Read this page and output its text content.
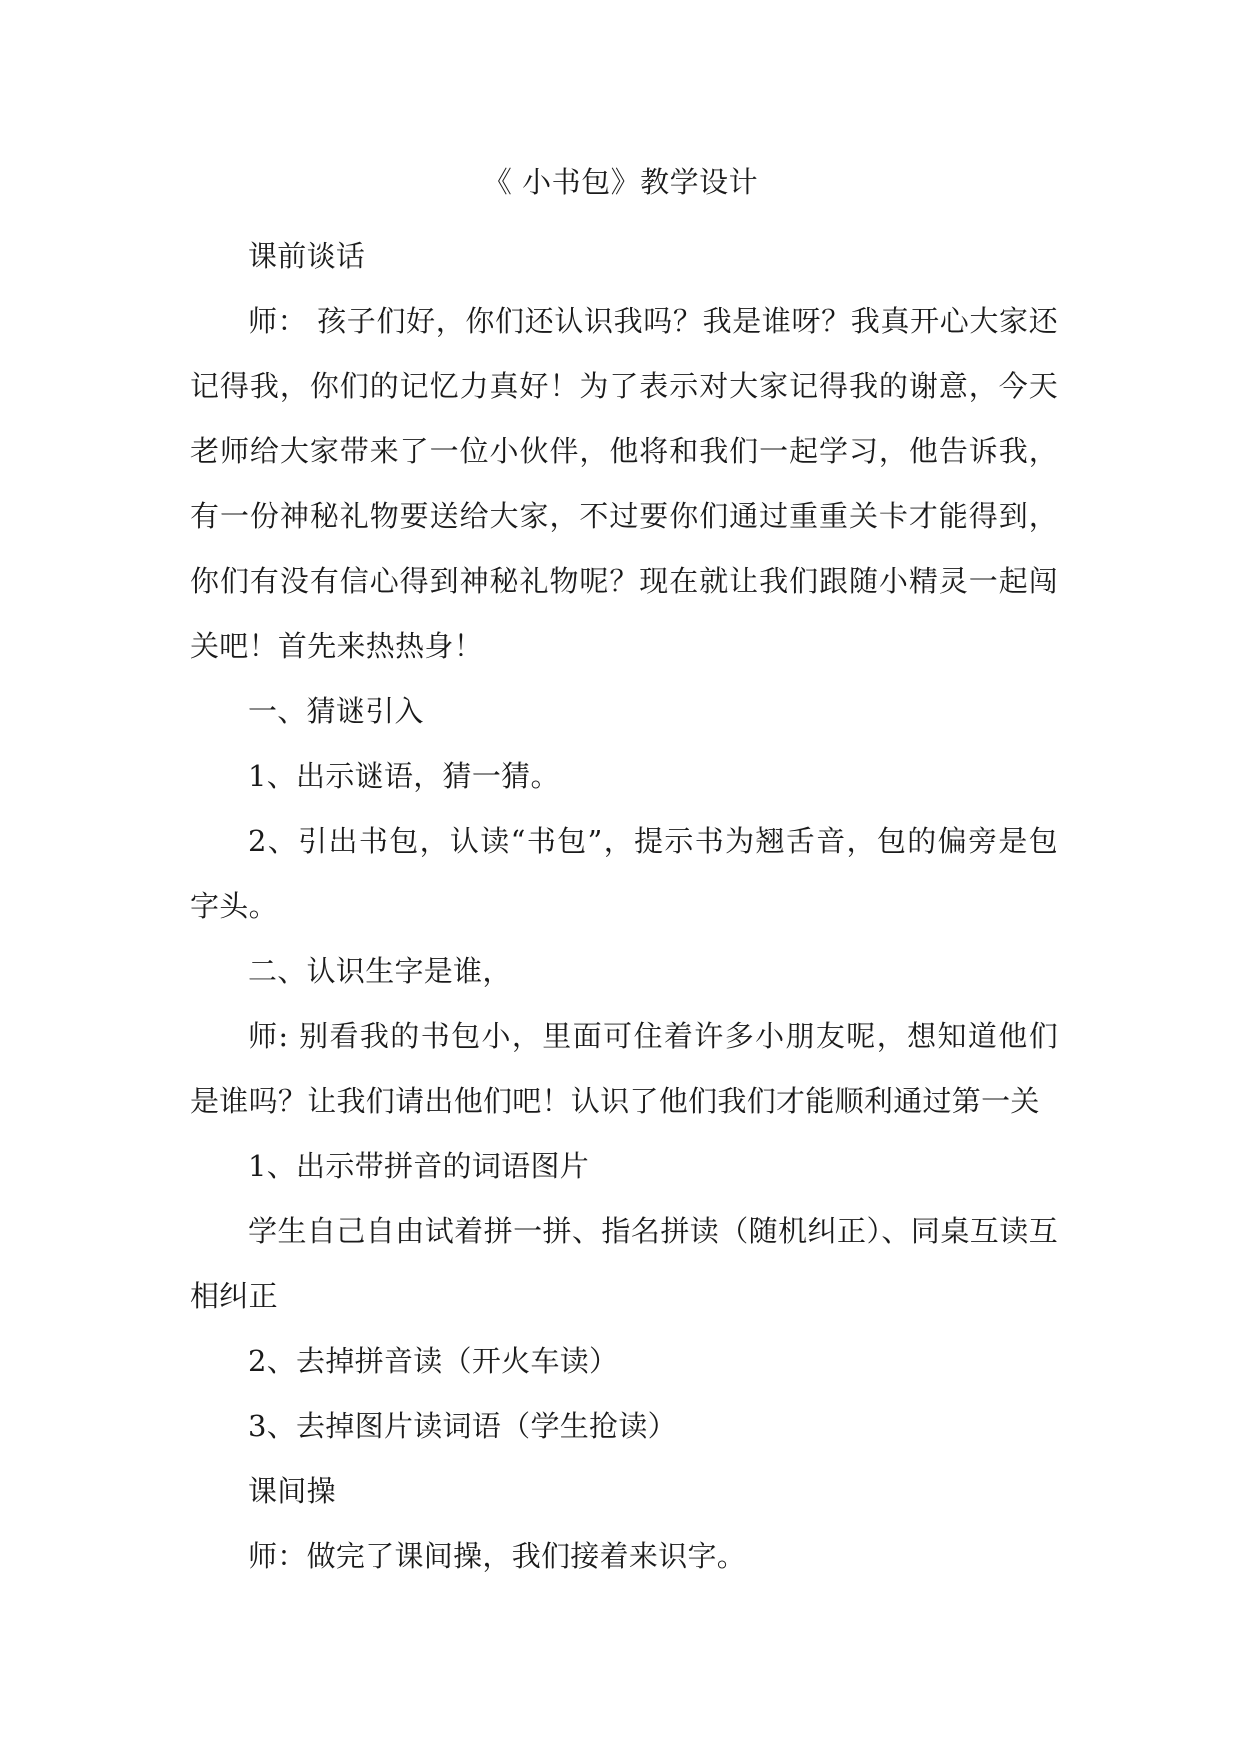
《 小书包》教学设计

课前谈话

师： 孩子们好，你们还认识我吗？我是谁呀？我真开心大家还记得我，你们的记忆力真好！为了表示对大家记得我的谢意，今天老师给大家带来了一位小伙伴，他将和我们一起学习，他告诉我，有一份神秘礼物要送给大家，不过要你们通过重重关卡才能得到，你们有没有信心得到神秘礼物呢？现在就让我们跟随小精灵一起闯关吧！首先来热热身！

一、猜谜引入

1、出示谜语，猜一猜。

2、引出书包，认读“书包”，提示书为翘舌音，包的偏旁是包字头。

二、认识生字是谁，

师: 别看我的书包小，里面可住着许多小朋友呢，想知道他们是谁吗？让我们请出他们吧！认识了他们我们才能顺利通过第一关

1、出示带拼音的词语图片

学生自己自由试着拼一拼、指名拼读（随机纠正）、同桌互读互相纠正

2、去掉拼音读（开火车读）

3、去掉图片读词语（学生抢读）

课间操

师：做完了课间操，我们接着来识字。
